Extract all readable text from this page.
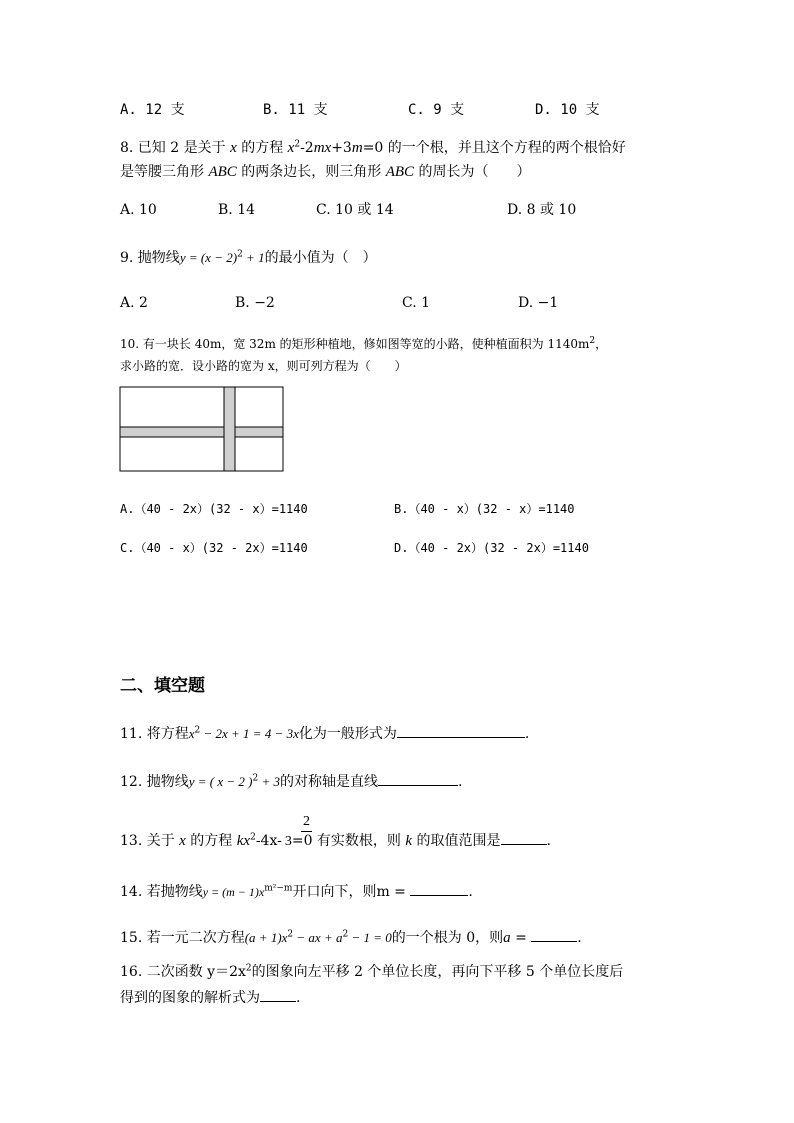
A. 12 支	B. 11 支	C. 9 支	D. 10 支
8. 已知 2 是关于 x 的方程 $x^2-2mx+3m=0$ 的一个根，并且这个方程的两个根恰好
是等腰三角形 ABC 的两条边长，则三角形 ABC 的周长为（　　）
A. 10	B. 14	C. 10 或 14	D. 8 或 10
9. 抛物线$y = (x - 2)^2 + 1$的最小值为（　）
A. 2	B. −2	C. 1	D. −1
10. 有一块长 40m，宽 32m 的矩形种植地，修如图等宽的小路，使种植面积为 $1140m^2$，
求小路的宽．设小路的宽为 x，则可列方程为（　　）
A.（40 - 2x）(32 - x）=1140	B.（40 - x）(32 - x）=1140
C.（40 - x）(32 - 2x）=1140	D.（40 - 2x）(32 - 2x）=1140
二、填空题
11. 将方程$x^2 - 2x + 1 = 4 - 3x$化为一般形式为	.
12. 抛物线y = ( x − 2 )$^2$ + 3的对称轴是直线	.
2
13. 关于 x 的方程 $kx^2-4x-$ 3=0 有实数根，则 k 的取值范围是	.
14. 若抛物线$y = (m - 1)x^{m^2-m}$开口向下，则m =	.
15. 若一元二次方程$(a + 1)x^2$ − ax + $a^2 - 1 = 0$的一个根为 0，则a =	.
16. 二次函数 $y=2x^2$的图象向左平移 2 个单位长度，再向下平移 5 个单位长度后
得到的图象的解析式为	.
